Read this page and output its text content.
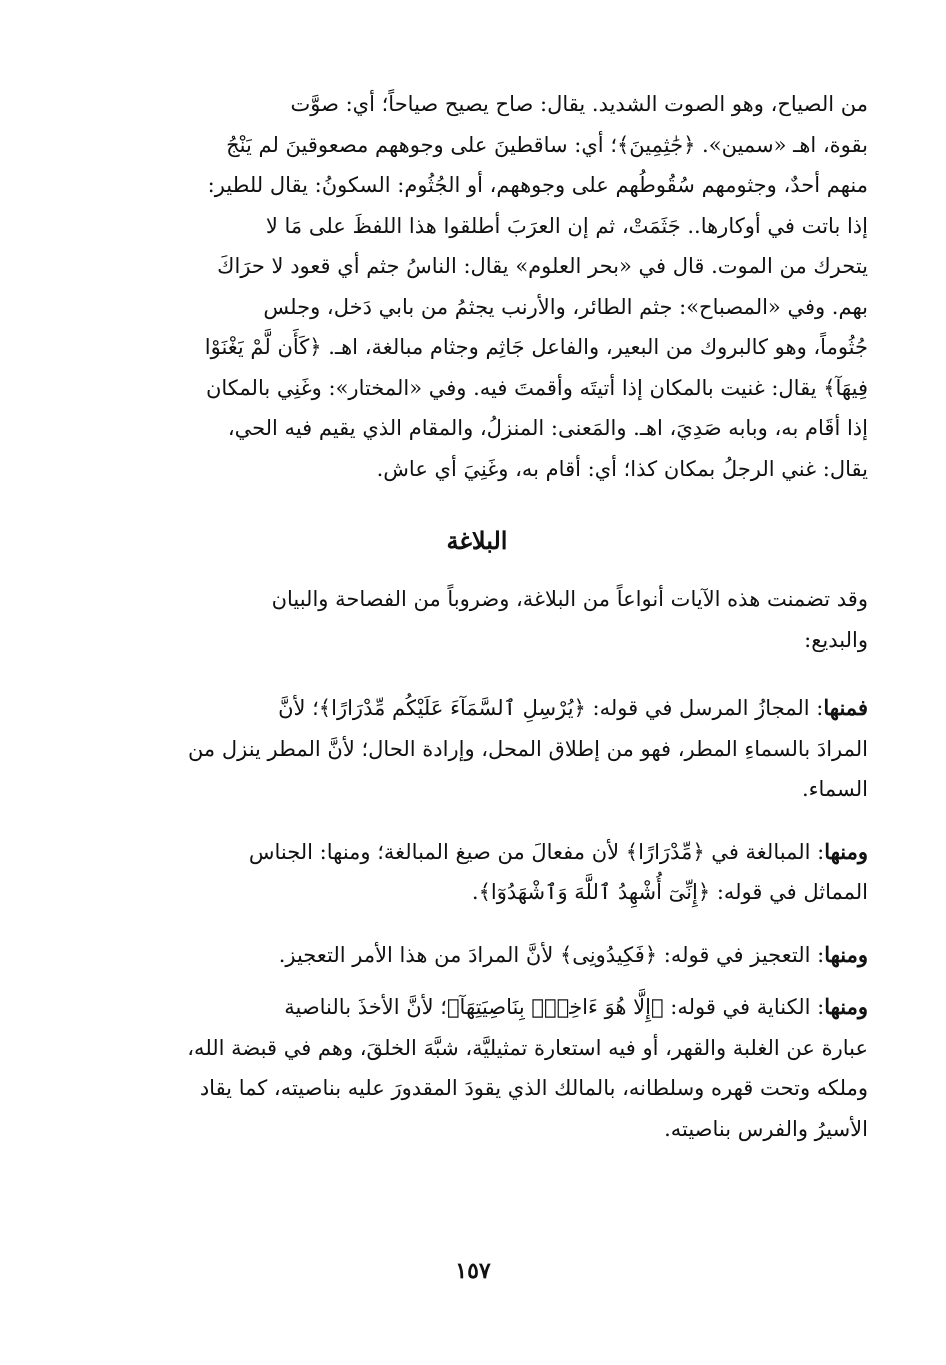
من الصياح، وهو الصوت الشديد. يقال: صاح يصيح صياحاً؛ أي: صوَّت

بقوة، اهـ «سمين». ﴿جَٰثِمِينَ﴾؛ أي: ساقطينَ على وجوههم مصعوقينَ لم يَنْجُ

منهم أحدٌ، وجثومهم سُقُوطُهم على وجوههم، أو الجُثُوم: السكونُ: يقال للطير:

إذا باتت في أوكارها.. جَثَمَتْ، ثم إن العرَبَ أطلقوا هذا اللفظَ على مَا لا

يتحرك من الموت. قال في «بحر العلوم» يقال: الناسُ جثم أي قعود لا حرَاكَ

بهم. وفي «المصباح»: جثم الطائر، والأرنب يجثمُ من بابي دَخل، وجلس

جُثُوماً، وهو كالبروك من البعير، والفاعل جَاثِم وجثام مبالغة، اهـ. ﴿كَأَن لَّمْ يَغْنَوْا

فِيهَآ﴾ يقال: غنيت بالمكان إذا أتيتَه وأقمتَ فيه. وفي «المختار»: وغَنِي بالمكان

إذا أقَام به، وبابه صَدِيَ، اهـ. والمَعنى: المنزلُ، والمقام الذي يقيم فيه الحي،

يقال: غني الرجلُ بمكان كذا؛ أي: أقام به، وغَنِيَ أي عاش.

البلاغة

وقد تضمنت هذه الآيات أنواعاً من البلاغة، وضروباً من الفصاحة والبيان

والبديع:

فمنها: المجازُ المرسل في قوله: ﴿يُرْسِلِ ٱلسَّمَآءَ عَلَيْكُم مِّدْرَارًا﴾؛ لأنَّ

المرادَ بالسماءِ المطر، فهو من إطلاق المحل، وإرادة الحال؛ لأنَّ المطر ينزل من

السماء.

ومنها: المبالغة في ﴿مِّدْرَارًا﴾ لأن مفعالَ من صيغ المبالغة؛ ومنها: الجناس

المماثل في قوله: ﴿إِنِّىٓ أُشْهِدُ ٱللَّهَ وَٱشْهَدُوٓا﴾.

ومنها: التعجيز في قوله: ﴿فَكِيدُونِى﴾ لأنَّ المرادَ من هذا الأمر التعجيز.

ومنها: الكناية في قوله: ﴿إِلَّا هُوَ ءَاخِذٌۢ بِنَاصِيَتِهَآ﴾؛ لأنَّ الأخذَ بالناصية

عبارة عن الغلبة والقهر، أو فيه استعارة تمثيليَّة، شبَّهَ الخلقَ، وهم في قبضة الله،

وملكه وتحت قهره وسلطانه، بالمالك الذي يقودَ المقدورَ عليه بناصيته، كما يقاد

الأسيرُ والفرس بناصيته.

١٥٧
